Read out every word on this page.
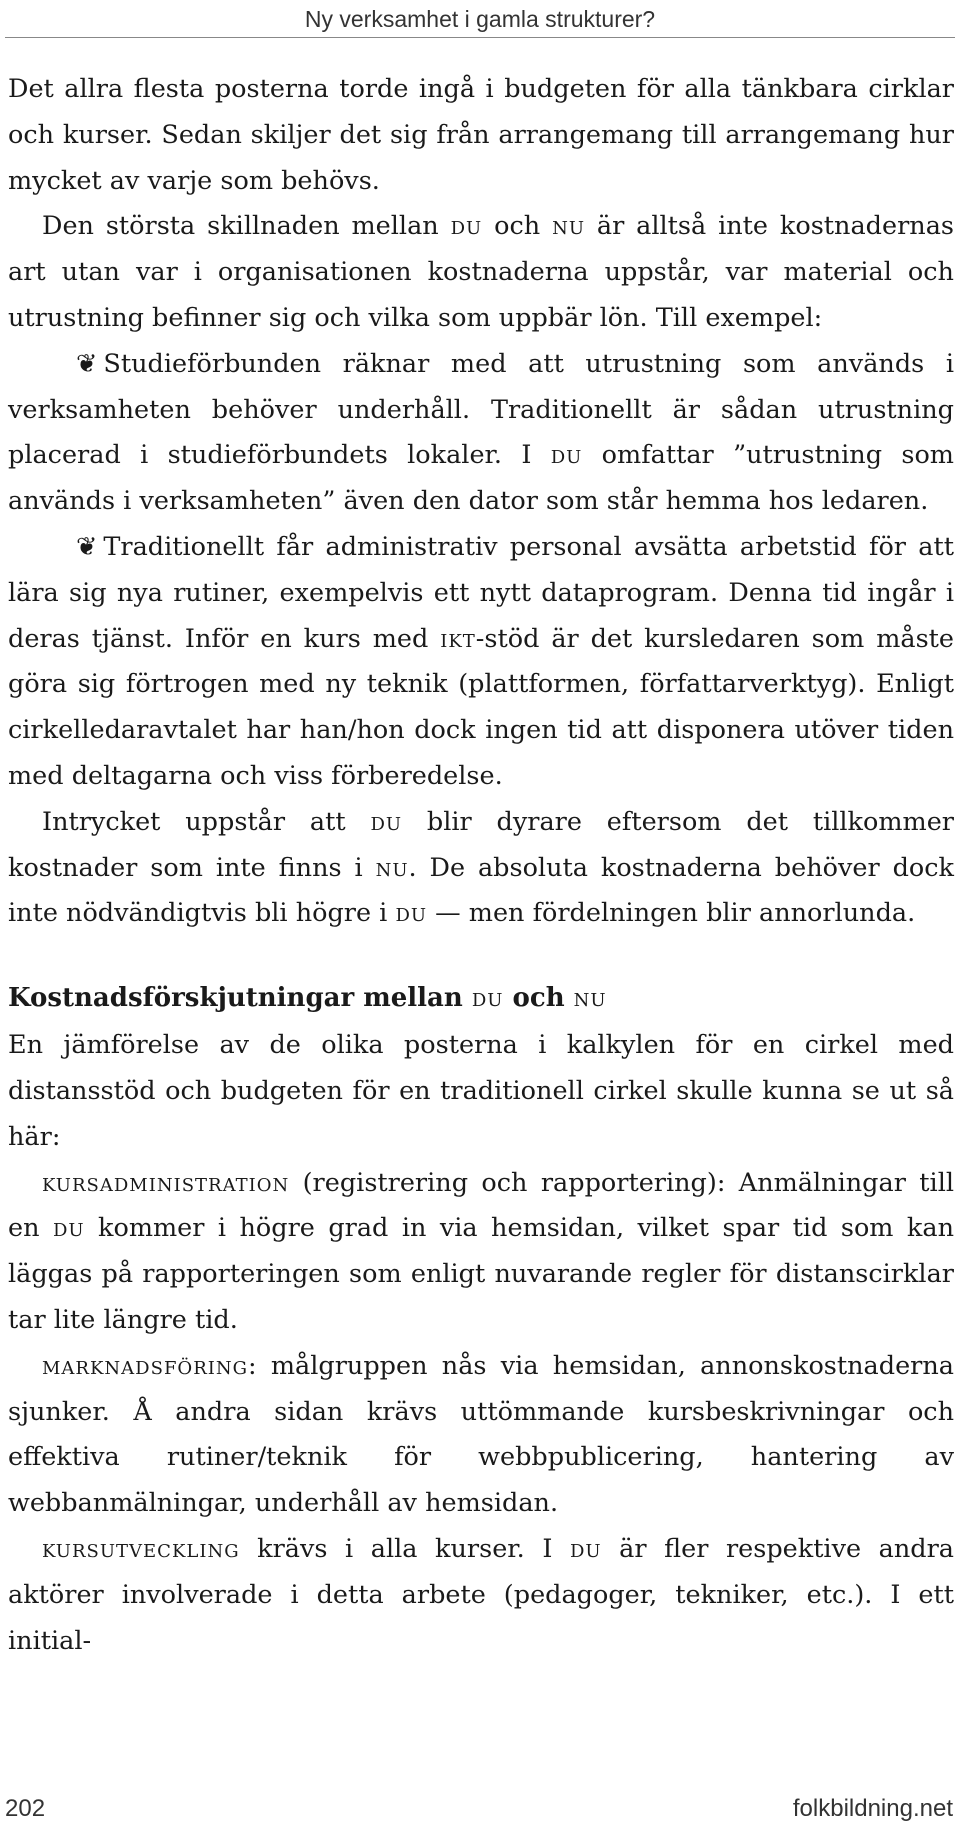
Ny verksamhet i gamla strukturer?

Det allra flesta posterna torde ingå i budgeten för alla tänkbara cirklar och kurser. Sedan skiljer det sig från arrangemang till arrangemang hur mycket av varje som behövs.

Den största skillnaden mellan du och nu är alltså inte kostnadernas art utan var i organisationen kostnaderna uppstår, var material och utrustning befinner sig och vilka som uppbär lön. Till exempel:

❦ Studieförbunden räknar med att utrustning som används i verksamheten behöver underhåll. Traditionellt är sådan utrustning placerad i studieförbundets lokaler. I du omfattar ”utrustning som används i verksamheten” även den dator som står hemma hos ledaren.

❦ Traditionellt får administrativ personal avsätta arbetstid för att lära sig nya rutiner, exempelvis ett nytt dataprogram. Denna tid ingår i deras tjänst. Inför en kurs med ikt-stöd är det kursledaren som måste göra sig förtrogen med ny teknik (plattformen, författarverktyg). Enligt cirkelledaravtalet har han/hon dock ingen tid att disponera utöver tiden med deltagarna och viss förberedelse.

Intrycket uppstår att du blir dyrare eftersom det tillkommer kostnader som inte finns i nu. De absoluta kostnaderna behöver dock inte nödvändigtvis bli högre i du — men fördelningen blir annorlunda.

Kostnadsförskjutningar mellan du och nu

En jämförelse av de olika posterna i kalkylen för en cirkel med distansstöd och budgeten för en traditionell cirkel skulle kunna se ut så här:

kursadministration (registrering och rapportering): Anmälningar till en du kommer i högre grad in via hemsidan, vilket spar tid som kan läggas på rapporteringen som enligt nuvarande regler för distanscirklar tar lite längre tid.

marknadsföring: målgruppen nås via hemsidan, annonskostnaderna sjunker. Å andra sidan krävs uttömmande kursbeskrivningar och effektiva rutiner/teknik för webbpublicering, hantering av webbanmälningar, underhåll av hemsidan.

kursutveckling krävs i alla kurser. I du är fler respektive andra aktörer involverade i detta arbete (pedagoger, tekniker, etc.). I ett initial-

202	folkbildning.net
